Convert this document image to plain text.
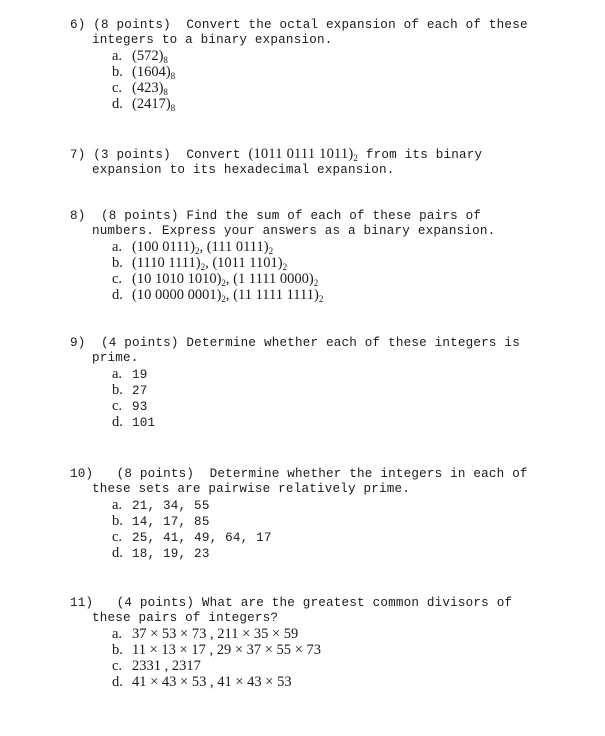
6) (8 points) Convert the octal expansion of each of these
integers to a binary expansion.
a. $(572)_8$
b. $(1604)_8$
c. $(423)_8$
d. $(2417)_8$
7) (3 points) Convert (1011 0111 $1011)_2$ from its binary
expansion to its hexadecimal expansion.
8) (8 points) Find the sum of each of these pairs of
numbers. Express your answers as a binary expansion.
a. (100 $0111)_2$, (111 $0111)_2$
b. (1110 $1111)_2$, (1011 $1101)_2$
c. (10 1010 $1010)_2$, (1 1111 $0000)_2$
d. (10 0000 $0001)_2$, (11 1111 $1111)_2$
9) (4 points) Determine whether each of these integers is
prime.
a. 19
b. 27
c. 93
d. 101
10) (8 points) Determine whether the integers in each of
these sets are pairwise relatively prime.
a. 21, 34, 55
b. 14, 17, 85
c. 25, 41, 49, 64, 17
d. 18, 19, 23
11) (4 points) What are the greatest common divisors of
these pairs of integers?
a. 37 × 53 × 73 , 211 × 35 × 59
b. 11 × 13 × 17 , 29 × 37 × 55 × 73
c. 2331 , 2317
d. 41 × 43 × 53 , 41 × 43 × 53
